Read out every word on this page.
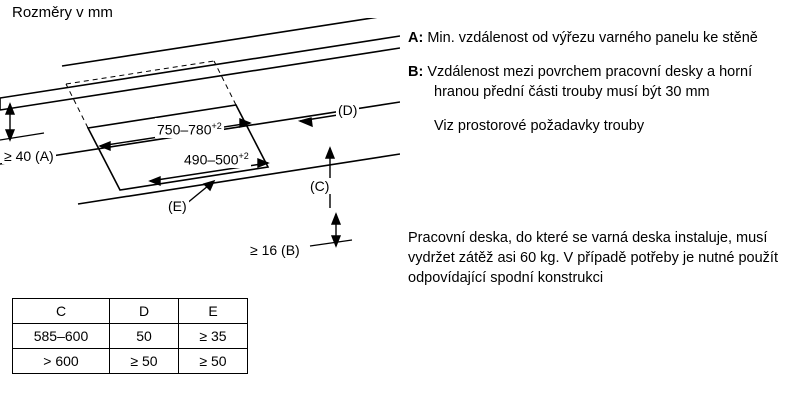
Rozměry v mm
$750-780^{+2}$
$490-500^{+2}$
≥ 40 (A)
≥ 16 (B)
(C)
(D)
(E)
C	D	E
585–600	50	≥ 35
> 600	≥ 50	≥ 50
A: Min. vzdálenost od výřezu varného panelu ke stěně
B: Vzdálenost mezi povrchem pracovní desky a horní hranou přední části trouby musí být 30 mm
Viz prostorové požadavky trouby
Pracovní deska, do které se varná deska instaluje, musí vydržet zátěž asi 60 kg. V případě potřeby je nutné použít odpovídající spodní konstrukci
